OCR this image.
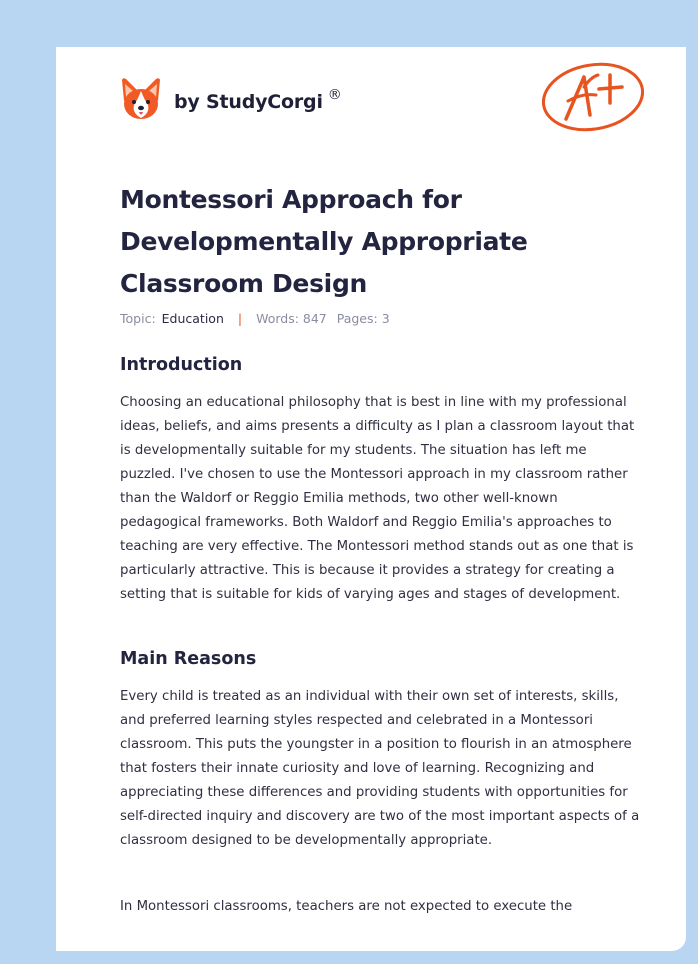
by StudyCorgi ®
Montessori Approach for Developmentally Appropriate Classroom Design
Topic: Education | Words: 847 Pages: 3
Introduction

Choosing an educational philosophy that is best in line with my professional ideas, beliefs, and aims presents a difficulty as I plan a classroom layout that is developmentally suitable for my students. The situation has left me puzzled. I've chosen to use the Montessori approach in my classroom rather than the Waldorf or Reggio Emilia methods, two other well-known pedagogical frameworks. Both Waldorf and Reggio Emilia's approaches to teaching are very effective. The Montessori method stands out as one that is particularly attractive. This is because it provides a strategy for creating a setting that is suitable for kids of varying ages and stages of development.

Main Reasons

Every child is treated as an individual with their own set of interests, skills, and preferred learning styles respected and celebrated in a Montessori classroom. This puts the youngster in a position to flourish in an atmosphere that fosters their innate curiosity and love of learning. Recognizing and appreciating these differences and providing students with opportunities for self-directed inquiry and discovery are two of the most important aspects of a classroom designed to be developmentally appropriate.

In Montessori classrooms, teachers are not expected to execute the
